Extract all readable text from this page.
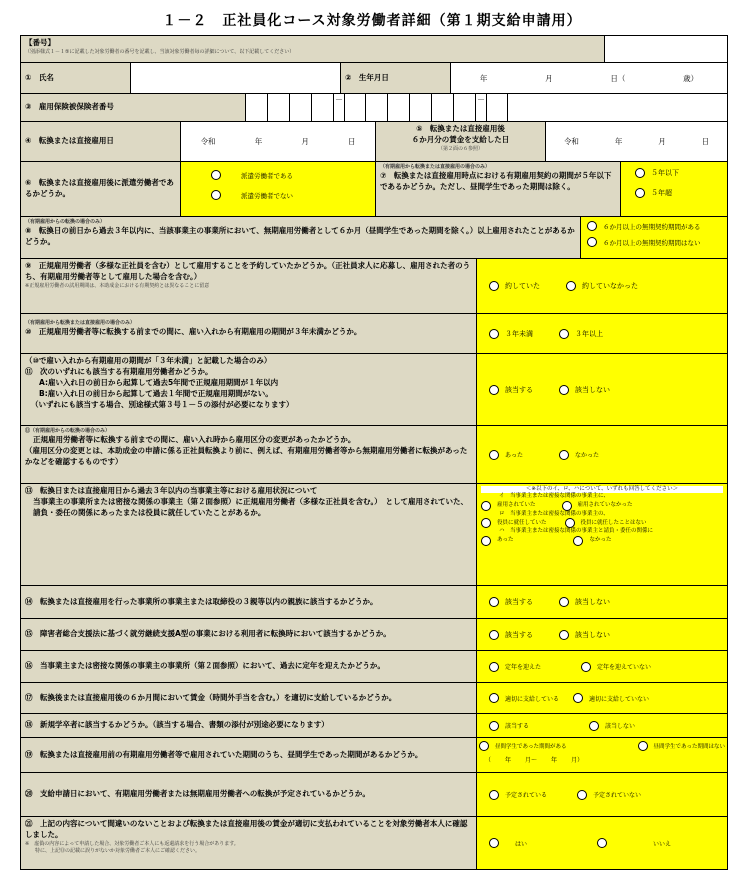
１－２　正社員化コース対象労働者詳細（第１期支給申請用）
【番号】
（別添様式１－１⑤に記載した対象労働者の番号を記載し、当該対象労働者毎の詳細について、以下記載してください）
①　氏名	②　生年月日	年	月	日（	歳）
③　雇用保険被保険者番号
－	－
④　転換または直接雇用日	令和	年	月	日
⑤　転換または直接雇用後
６か月分の賃金を支給した日
（第２面の６参照）
令和	年	月	日
⑥　転換または直接雇用後に派遣労働者であるかどうか。
派遣労働者である
派遣労働者でない
（有期雇用から転換または直接雇用の場合のみ）
⑦　転換または直接雇用時点における有期雇用契約の期間が５年以下であるかどうか。ただし、昼間学生であった期間は除く。
５年以下
５年超
（有期雇用からの転換の場合のみ）
⑧　転換日の前日から過去３年以内に、当該事業主の事業所において、無期雇用労働者として６か月（昼間学生であった期間を除く。）以上雇用されたことがあるかどうか。
６か月以上の無期契約期間がある
６か月以上の無期契約期間はない
⑨　正規雇用労働者（多様な正社員を含む）として雇用することを予約していたかどうか。（正社員求人に応募し、雇用された者のうち、有期雇用労働者等として雇用した場合を含む。）
※正規雇用労働者の試用期間は、本助成金における有期契約とは異なることに留意	約していた	約していなかった
（有期雇用から転換または直接雇用の場合のみ）
⑩　正規雇用労働者等に転換する前までの間に、雇い入れから有期雇用の期間が３年未満かどうか。	３年未満	３年以上
（⑩で雇い入れから有期雇用の期間が「３年未満」と記載した場合のみ）
⑪　次のいずれにも該当する有期雇用労働者かどうか。
A:雇い入れ日の前日から起算して過去5年間で正規雇用期間が１年以内
B:雇い入れ日の前日から起算して過去１年間で正規雇用期間がない。
（いずれにも該当する場合、別途様式第３号１－５の添付が必要になります）
該当する	該当しない
⑫（有期雇用からの転換の場合のみ）
正規雇用労働者等に転換する前までの間に、雇い入れ時から雇用区分の変更があったかどうか。
（雇用区分の変更とは、本助成金の申請に係る正社員転換より前に、例えば、有期雇用労働者等から無期雇用労働者に転換があったかなどを確認するものです）
あった	なかった
⑬　転換日または直接雇用日から過去３年以内の当事業主等における雇用状況について
当事業主の事業所または密接な関係の事業主（第２面参照）に正規雇用労働者（多様な正社員を含む。）　として雇用されていた、請負・委任の関係にあったまたは役員に就任していたことがあるか。
＜※以下のイ、ロ、ハについて、いずれも回答してください＞
イ　当事業主または密接な関係の事業主に、
雇用されていた	雇用されていなかった
ロ　当事業主または密接な関係の事業主の、
役員に就任していた	役員に就任したことはない
ハ　当事業主または密接な関係の事業主と請負・委任の関係に
あった	なかった
⑭　転換または直接雇用を行った事業所の事業主または取締役の３親等以内の親族に該当するかどうか。	該当する	該当しない
⑮　障害者総合支援法に基づく就労継続支援A型の事業における利用者に転換時において該当するかどうか。	該当する	該当しない
⑯　当事業主または密接な関係の事業主の事業所（第２面参照）において、過去に定年を迎えたかどうか。	定年を迎えた	定年を迎えていない
⑰　転換後または直接雇用後の６か月間において賃金（時間外手当を含む。）を適切に支給しているかどうか。	適切に支給している	適切に支給していない
⑱　新規学卒者に該当するかどうか。（該当する場合、書類の添付が別途必要になります）	該当する	該当しない
⑲　転換または直接雇用前の有期雇用労働者等で雇用されていた期間のうち、昼間学生であった期間があるかどうか。
昼間学生であった期間がある	昼間学生であった期間はない
（ 年 月～ 年 月）
⑳　支給申請日において、有期雇用労働者または無期雇用労働者への転換が予定されているかどうか。	予定されている	予定されていない
㉑　上記の内容について間違いのないことおよび転換または直接雇用後の賃金が適切に支払われていることを対象労働者本人に確認しました。
※　虚偽の内容によって申請した場合、対象労働者ご本人にも返還請求を行う場合があります。
特に、上記⑬の記載に誤りがないか対象労働者ご本人にご確認ください。
はい	いいえ
